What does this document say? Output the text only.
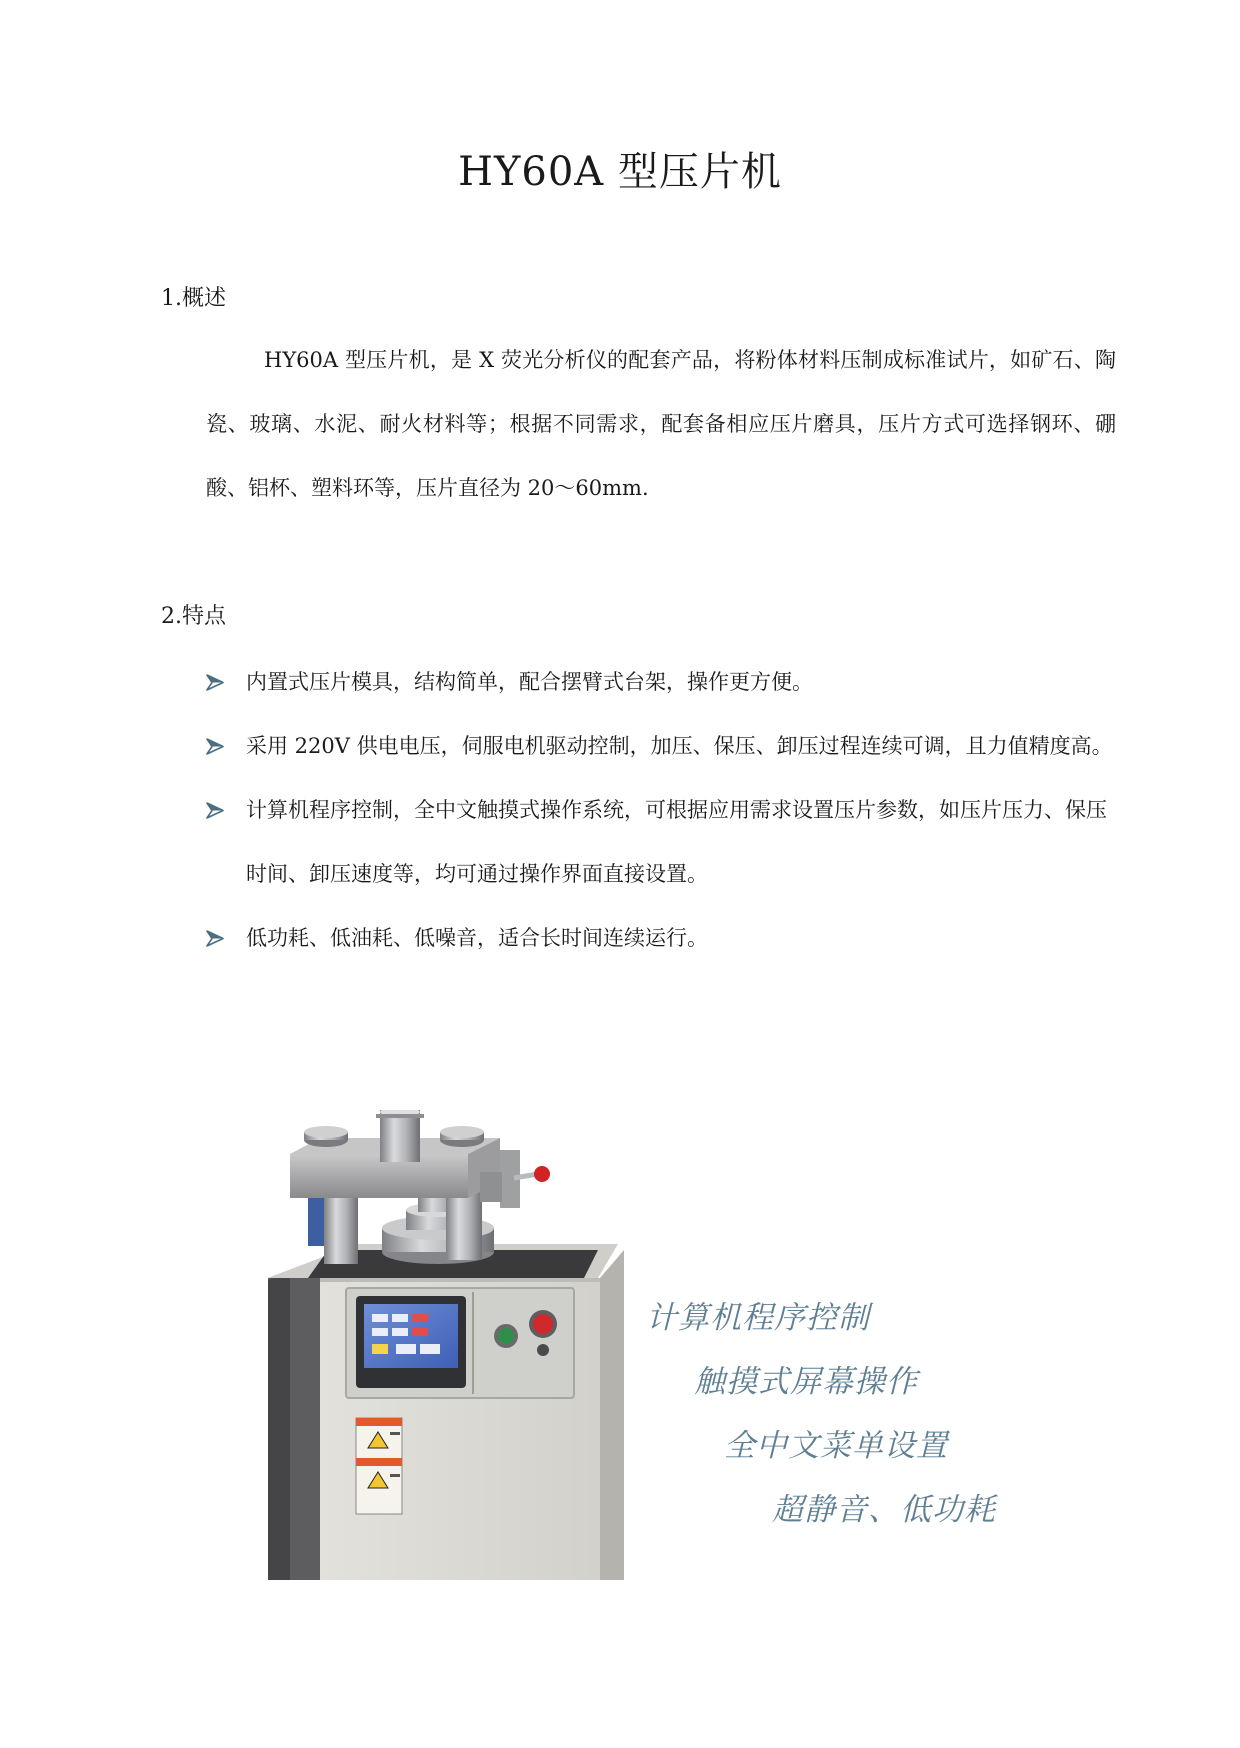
HY60A 型压片机
1.概述

HY60A 型压片机，是 X 荧光分析仪的配套产品，将粉体材料压制成标准试片，如矿石、陶瓷、玻璃、水泥、耐火材料等；根据不同需求，配套备相应压片磨具，压片方式可选择钢环、硼酸、铝杯、塑料环等，压片直径为 20～60mm.

2.特点
内置式压片模具，结构简单，配合摆臂式台架，操作更方便。
采用 220V 供电电压，伺服电机驱动控制，加压、保压、卸压过程连续可调，且力值精度高。
计算机程序控制，全中文触摸式操作系统，可根据应用需求设置压片参数，如压片压力、保压时间、卸压速度等，均可通过操作界面直接设置。
低功耗、低油耗、低噪音，适合长时间连续运行。
计算机程序控制
触摸式屏幕操作
全中文菜单设置
超静音、低功耗
